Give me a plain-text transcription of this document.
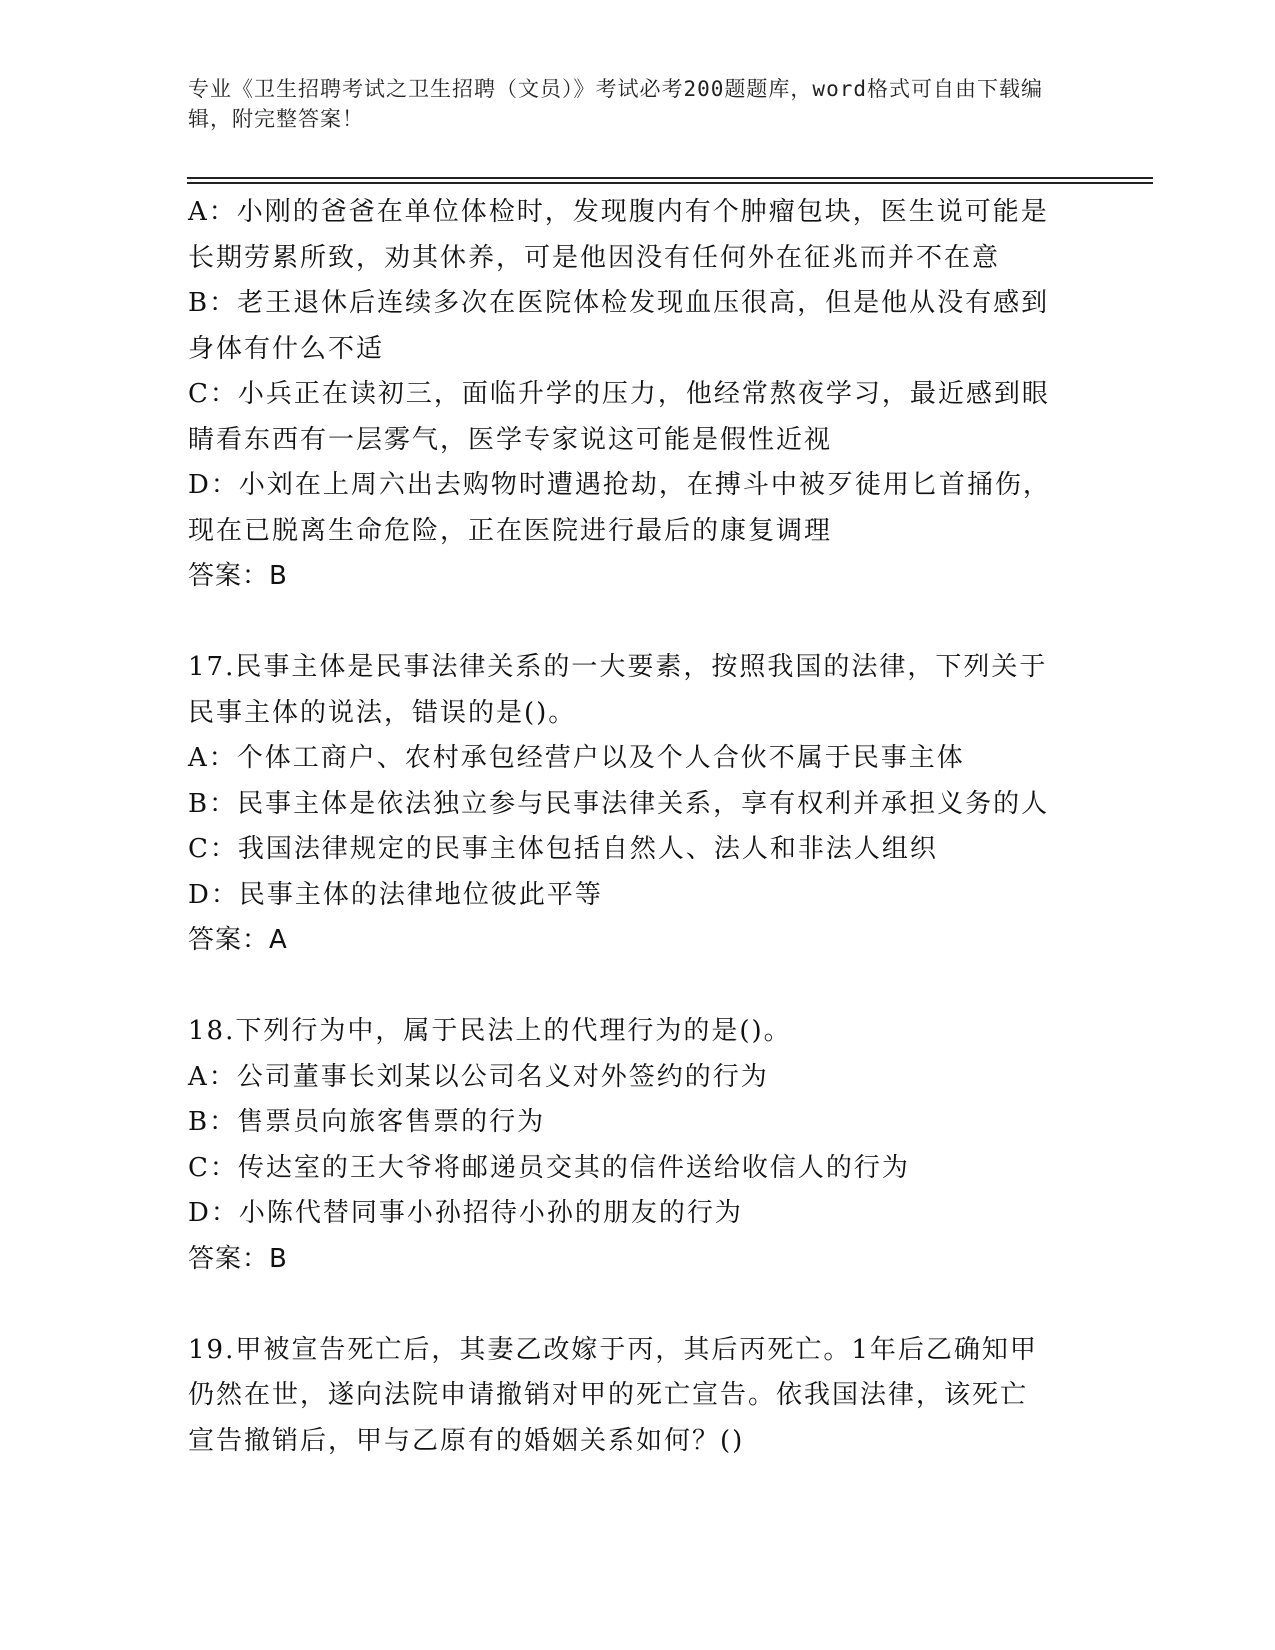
专业《卫生招聘考试之卫生招聘（文员）》考试必考200题题库，word格式可自由下载编辑，附完整答案！

A：小刚的爸爸在单位体检时，发现腹内有个肿瘤包块，医生说可能是

长期劳累所致，劝其休养，可是他因没有任何外在征兆而并不在意

B：老王退休后连续多次在医院体检发现血压很高，但是他从没有感到

身体有什么不适

C：小兵正在读初三，面临升学的压力，他经常熬夜学习，最近感到眼

睛看东西有一层雾气，医学专家说这可能是假性近视

D：小刘在上周六出去购物时遭遇抢劫，在搏斗中被歹徒用匕首捅伤，

现在已脱离生命危险，正在医院进行最后的康复调理

答案：B

17.民事主体是民事法律关系的一大要素，按照我国的法律，下列关于

民事主体的说法，错误的是()。

A：个体工商户、农村承包经营户以及个人合伙不属于民事主体

B：民事主体是依法独立参与民事法律关系，享有权利并承担义务的人

C：我国法律规定的民事主体包括自然人、法人和非法人组织

D：民事主体的法律地位彼此平等

答案：A

18.下列行为中，属于民法上的代理行为的是()。

A：公司董事长刘某以公司名义对外签约的行为

B：售票员向旅客售票的行为

C：传达室的王大爷将邮递员交其的信件送给收信人的行为

D：小陈代替同事小孙招待小孙的朋友的行为

答案：B

19.甲被宣告死亡后，其妻乙改嫁于丙，其后丙死亡。1年后乙确知甲

仍然在世，遂向法院申请撤销对甲的死亡宣告。依我国法律，该死亡

宣告撤销后，甲与乙原有的婚姻关系如何？()
